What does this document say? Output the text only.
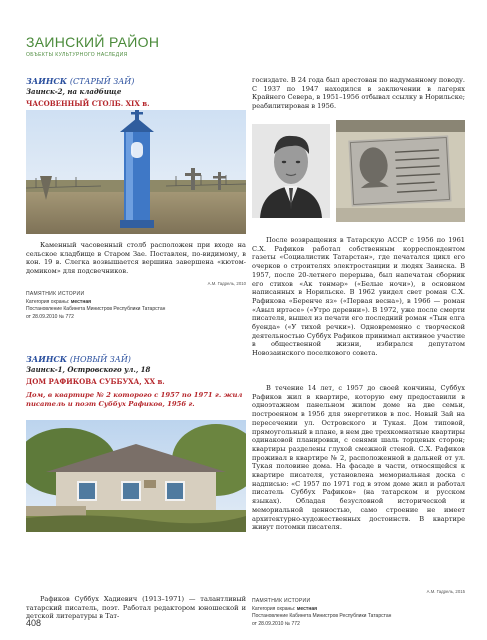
ЗАИНСКИЙ РАЙОН
ОБЪЕКТЫ КУЛЬТУРНОГО НАСЛЕДИЯ
ЗАИНСК (СТАРЫЙ ЗАЙ)
Заинск-2, на кладбище
ЧАСОВЕННЫЙ СТОЛБ. XIX в.
Каменный часовенный столб расположен при входе на сельское кладбище в Старом Зае. Поставлен, по-видимому, в кон. 19 в. Слегка возвышается вершина завершена «кютом-домиком» для подсвечников.
А.М. Гадрель, 2010
ПАМЯТНИК ИСТОРИИ
Категория охраны: местная
Постановление Кабинета Министров Республики Татарстан
от 28.09.2010 № 772
ЗАИНСК (НОВЫЙ ЗАЙ)
Заинск-1, Островского ул., 18
ДОМ РАФИКОВА СУББУХА, XX в.
Дом, в квартире № 2 которого с 1957 по 1971 г. жил писатель и поэт Суббух Рафиков, 1956 г.
Рафиков Суббух Хадиевич (1913–1971) — талантливый татарский писатель, поэт. Работал редактором юношеской и детской литературы в Тат-
госиздате. В 24 года был арестован по надуманному поводу. С 1937 по 1947 находился в заключении в лагерях Крайнего Севера, в 1951–1956 отбывал ссылку в Норильске; реабилитирован в 1956.
После возвращения в Татарскую АССР с 1956 по 1961 С.Х. Рафиков работал собственным корреспондентом газеты «Социалистик Татарстан», где печатался цикл его очерков о строителях электростанции и людях Заинска. В 1957, после 20-летнего перерыва, был напечатан сборник его стихов «Ак төнмәр» («Белые ночи»), в основном написанных в Норильске. В 1962 увидел свет роман С.Х. Рафикова «Беренче яз» («Первая весна»), в 1966 — роман «Авыл иртәсе» («Утро деревни»). В 1972, уже после смерти писателя, вышел из печати его последний роман «Тын елга буенда» («У тихой речки»). Одновременно с творческой деятельностью Суббух Рафиков принимал активное участие в общественной жизни, избирался депутатом Новозаинского поселкового совета.
В течение 14 лет, с 1957 до своей кончины, Суббух Рафиков жил в квартире, которую ему предоставили в одноэтажном панельном жилом доме на две семьи, построенном в 1956 для энергетиков в пос. Новый Зай на пересечении ул. Островского и Тукая. Дом типовой, прямоугольный в плане, в нем две трехкомнатные квартиры одинаковой планировки, с сенями шаль торцевых сторон; квартиры разделены глухой смежной стеной. С.Х. Рафиков проживал в квартире № 2, расположенной в дальней от ул. Тукая половине дома. На фасаде в части, относящейся к квартире писателя, установлена мемориальная доска с надписью: «С 1957 по 1971 год в этом доме жил и работал писатель Суббух Рафиков» (на татарском и русском языках). Обладая безусловной исторической и мемориальной ценностью, само строение не имеет архитектурно-художественных достоинств. В квартире живут потомки писателя.
А.М. Гадрель, 2015
ПАМЯТНИК ИСТОРИИ
Категория охраны: местная
Постановление Кабинета Министров Республики Татарстан
от 28.09.2010 № 772
408
